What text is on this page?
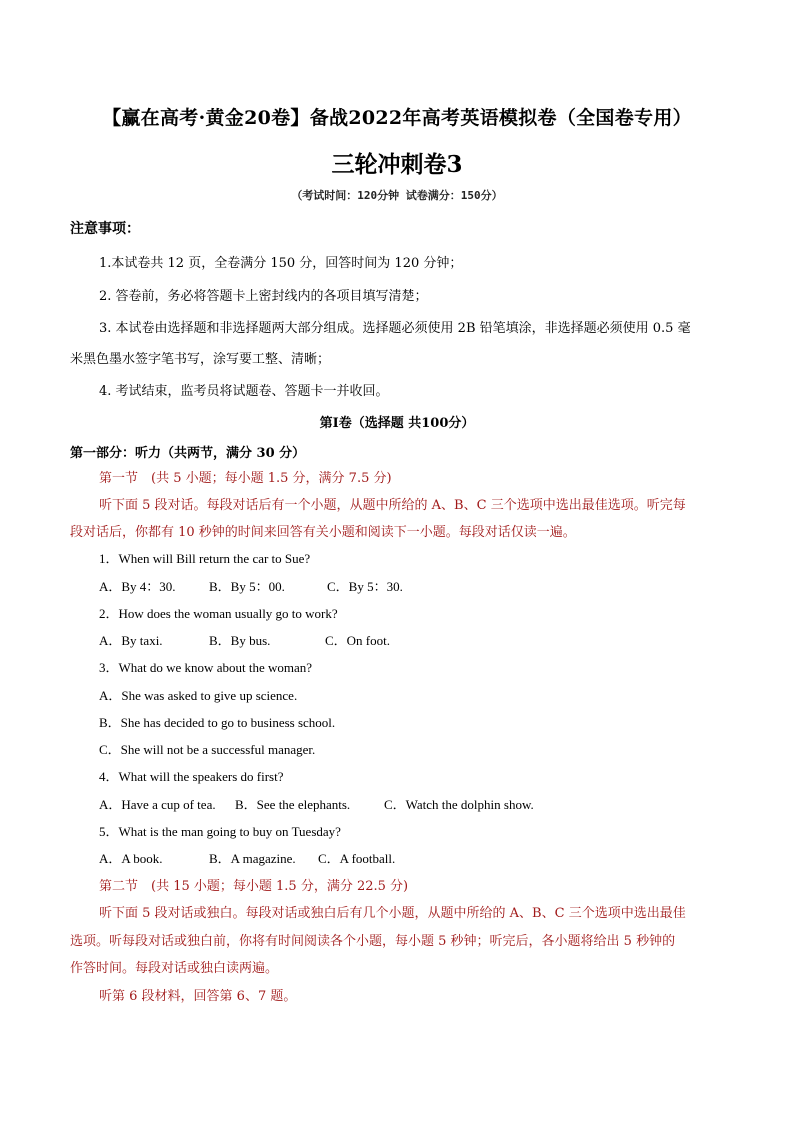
【赢在高考·黄金20卷】备战2022年高考英语模拟卷（全国卷专用）
三轮冲刺卷3
（考试时间：120分钟 试卷满分：150分）
注意事项：
1.本试卷共 12 页，全卷满分 150 分，回答时间为 120 分钟；
2. 答卷前，务必将答题卡上密封线内的各项目填写清楚；
3. 本试卷由选择题和非选择题两大部分组成。选择题必须使用 2B 铅笔填涂，非选择题必须使用 0.5 毫
米黑色墨水签字笔书写，涂写要工整、清晰；
4. 考试结束，监考员将试题卷、答题卡一并收回。
第Ⅰ卷（选择题 共100分）
第一部分：听力（共两节，满分 30 分）
第一节　(共 5 小题；每小题 1.5 分，满分 7.5 分)
听下面 5 段对话。每段对话后有一个小题，从题中所给的 A、B、C 三个选项中选出最佳选项。听完每
段对话后，你都有 10 秒钟的时间来回答有关小题和阅读下一小题。每段对话仅读一遍。
1．When will Bill return the car to Sue?
A．By 4：30.	B．By 5：00.	C．By 5：30.
2．How does the woman usually go to work?
A．By taxi.	B．By bus.	C．On foot.
3．What do we know about the woman?
A．She was asked to give up science.
B．She has decided to go to business school.
C．She will not be a successful manager.
4．What will the speakers do first?
A．Have a cup of tea. B．See the elephants.	C．Watch the dolphin show.
5．What is the man going to buy on Tuesday?
A．A book.	B．A magazine. C．A football.
第二节　(共 15 小题；每小题 1.5 分，满分 22.5 分)
听下面 5 段对话或独白。每段对话或独白后有几个小题，从题中所给的 A、B、C 三个选项中选出最佳
选项。听每段对话或独白前，你将有时间阅读各个小题，每小题 5 秒钟；听完后，各小题将给出 5 秒钟的
作答时间。每段对话或独白读两遍。
听第 6 段材料，回答第 6、7 题。
